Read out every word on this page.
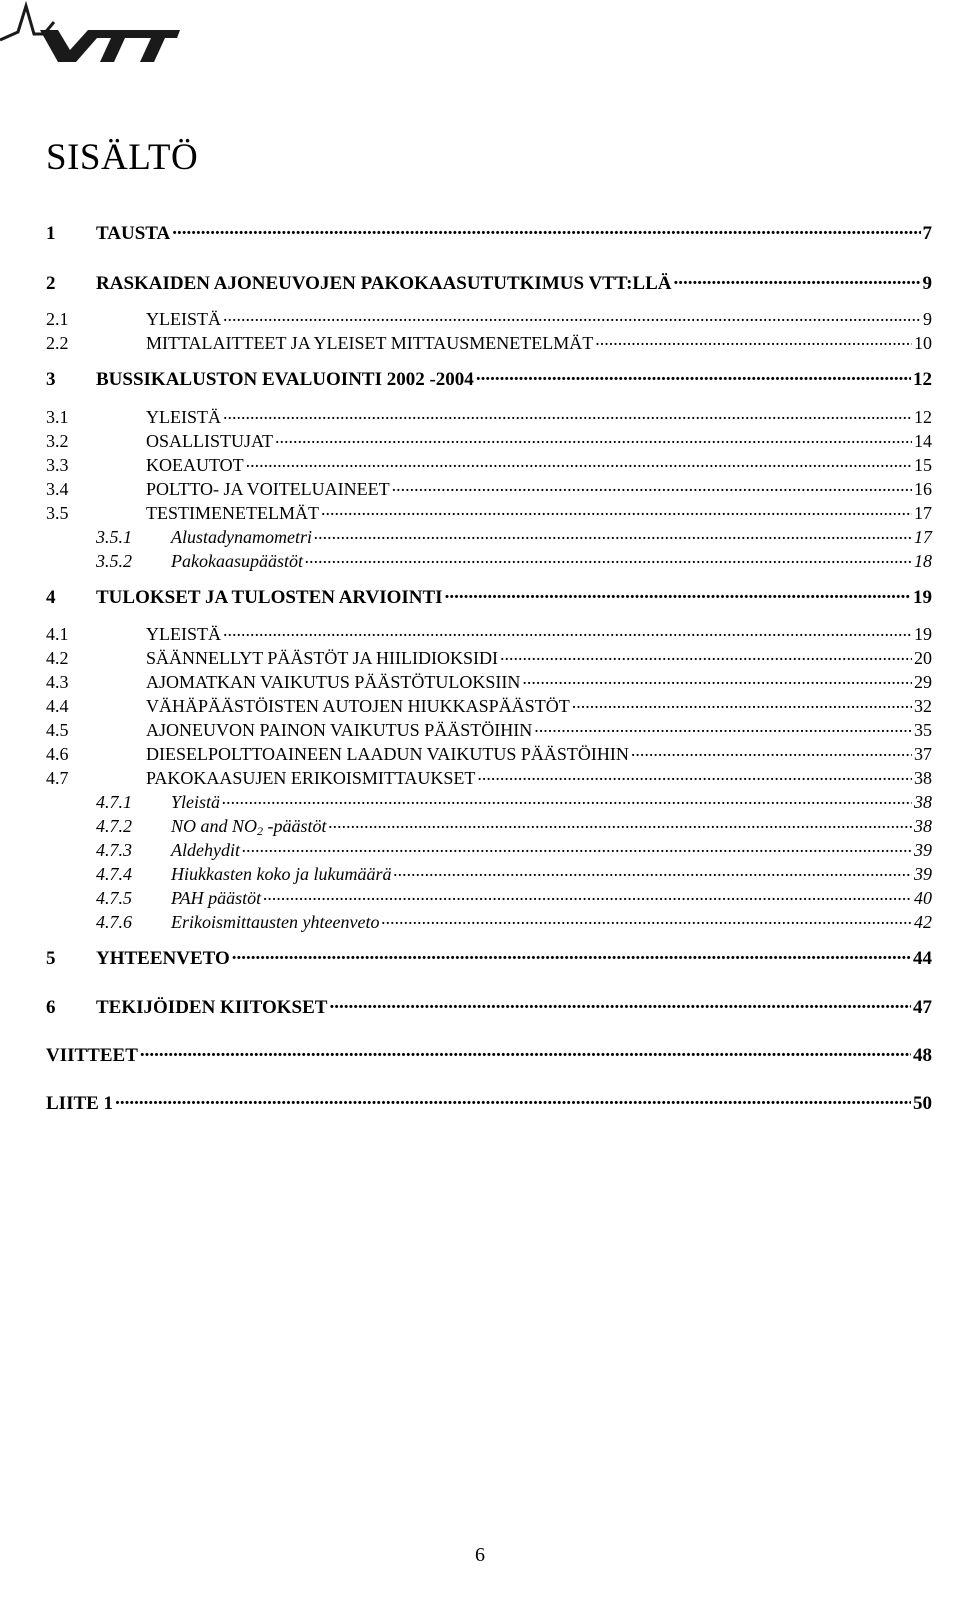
SISÄLTÖ
1	TAUSTA .....	7
2	RASKAIDEN AJONEUVOJEN PAKOKAASUTUTKIMUS VTT:LLÄ .....	9
2.1	YLEISTÄ .....	9
2.2	MITTALAITTEET JA YLEISET MITTAUSMENETELMÄT .....	10
3	BUSSIKALUSTON EVALUOINTI 2002 -2004 .....	12
3.1	YLEISTÄ .....	12
3.2	OSALLISTUJAT .....	14
3.3	KOEAUTOT .....	15
3.4	POLTTO- JA VOITELUAINEET .....	16
3.5	TESTIMENETELMÄT .....	17
3.5.1	Alustadynamometri .....	17
3.5.2	Pakokaasupäästöt .....	18
4	TULOKSET JA TULOSTEN ARVIOINTI .....	19
4.1	YLEISTÄ .....	19
4.2	SÄÄNNELLYT PÄÄSTÖT JA HIILIDIOKSIDI .....	20
4.3	AJOMATKAN VAIKUTUS PÄÄSTÖTULOKSIIN .....	29
4.4	VÄHÄPÄÄSTÖISTEN AUTOJEN HIUKKASPÄÄSTÖT .....	32
4.5	AJONEUVON PAINON VAIKUTUS PÄÄSTÖIHIN .....	35
4.6	DIESELPOLTTOAINEEN LAADUN VAIKUTUS PÄÄSTÖIHIN .....	37
4.7	PAKOKAASUJEN ERIKOISMITTAUKSET .....	38
4.7.1	Yleistä .....	38
4.7.2	NO and $NO_2$ -päästöt .....	38
4.7.3	Aldehydit .....	39
4.7.4	Hiukkasten koko ja lukumäärä .....	39
4.7.5	PAH päästöt .....	40
4.7.6	Erikoismittausten yhteenveto .....	42
5	YHTEENVETO .....	44
6	TEKIJÖIDEN KIITOKSET .....	47
VIITTEET .....	48
LIITE 1 .....	50
6
